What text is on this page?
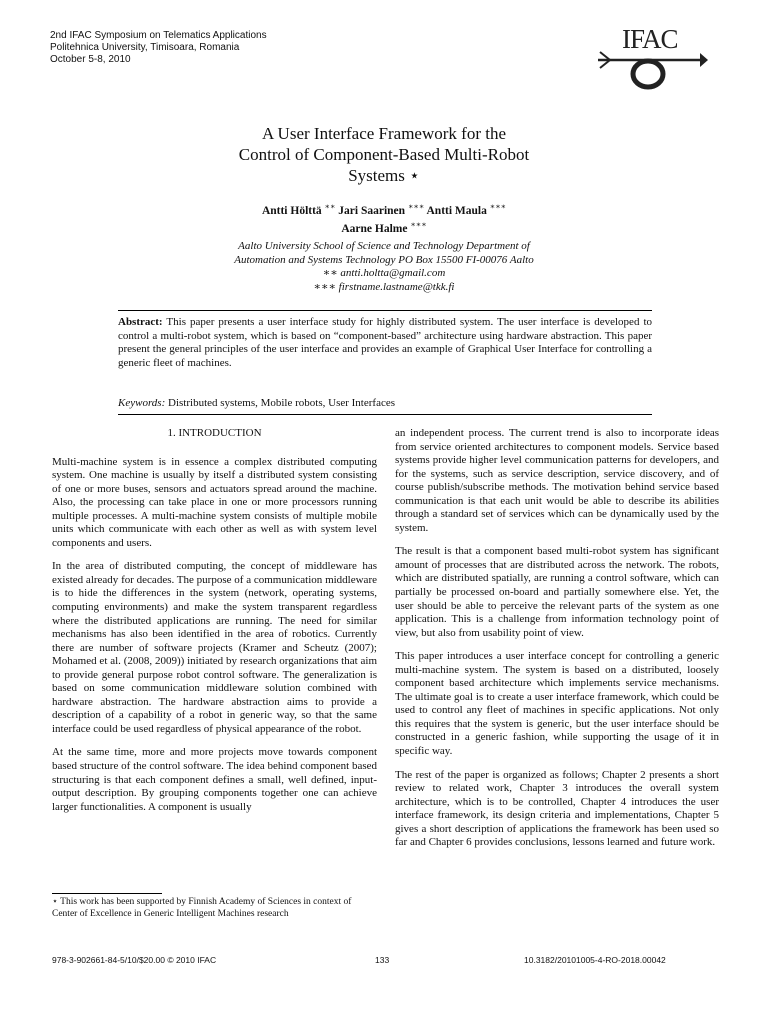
2nd IFAC Symposium on Telematics Applications
Politehnica University, Timisoara, Romania
October 5-8, 2010
IFAC
A User Interface Framework for the
Control of Component-Based Multi-Robot
Systems ⋆
Antti Hölttä ∗∗ Jari Saarinen ∗∗∗ Antti Maula ∗∗∗
Aarne Halme ∗∗∗
Aalto University School of Science and Technology Department of
Automation and Systems Technology PO Box 15500 FI-00076 Aalto
∗∗ antti.holtta@gmail.com
∗∗∗ firstname.lastname@tkk.fi
Abstract: This paper presents a user interface study for highly distributed system. The user interface is developed to control a multi-robot system, which is based on “component-based” architecture using hardware abstraction. This paper present the general principles of the user interface and provides an example of Graphical User Interface for controlling a generic fleet of machines.
Keywords: Distributed systems, Mobile robots, User Interfaces
1. INTRODUCTION

Multi-machine system is in essence a complex distributed computing system. One machine is usually by itself a distributed system consisting of one or more buses, sensors and actuators spread around the machine. Also, the processing can take place in one or more processors running multiple processes. A multi-machine system consists of multiple mobile units which communicate with each other as well as with system level components and users.

In the area of distributed computing, the concept of middleware has existed already for decades. The purpose of a communication middleware is to hide the differences in the system (network, operating systems, computing environments) and make the system transparent regardless where the distributed applications are running. The need for similar mechanisms has also been identified in the area of robotics. Currently there are number of software projects (Kramer and Scheutz (2007); Mohamed et al. (2008, 2009)) initiated by research organizations that aim to provide general purpose robot control software. The generalization is based on some communication middleware solution combined with hardware abstraction. The hardware abstraction aims to provide a description of a capability of a robot in generic way, so that the same interface could be used regardless of physical appearance of the robot.

At the same time, more and more projects move towards component based structure of the control software. The idea behind component based structuring is that each component defines a small, well defined, input-output description. By grouping components together one can achieve larger functionalities. A component is usually

an independent process. The current trend is also to incorporate ideas from service oriented architectures to component models. Service based systems provide higher level communication patterns for developers, and for the systems, such as service description, service discovery, and of course publish/subscribe methods. The motivation behind service based communication is that each unit would be able to describe its abilities through a standard set of services which can be dynamically used by the system.

The result is that a component based multi-robot system has significant amount of processes that are distributed across the network. The robots, which are distributed spatially, are running a control software, which can partially be processed on-board and partially somewhere else. Yet, the user should be able to perceive the relevant parts of the system as one application. This is a challenge from information technology point of view, but also from usability point of view.

This paper introduces a user interface concept for controlling a generic multi-machine system. The system is based on a distributed, loosely component based architecture which implements service mechanisms. The ultimate goal is to create a user interface framework, which could be used to control any fleet of machines in specific applications. Not only this requires that the system is generic, but the user interface should be constructed in a generic fashion, while supporting the usage of it in specific way.

The rest of the paper is organized as follows; Chapter 2 presents a short review to related work, Chapter 3 introduces the overall system architecture, which is to be controlled, Chapter 4 introduces the user interface framework, its design criteria and implementations, Chapter 5 gives a short description of applications the framework has been used so far and Chapter 6 provides conclusions, lessons learned and future work.

⋆ This work has been supported by Finnish Academy of Sciences in context of Center of Excellence in Generic Intelligent Machines research
978-3-902661-84-5/10/$20.00 © 2010 IFAC	133	10.3182/20101005-4-RO-2018.00042
